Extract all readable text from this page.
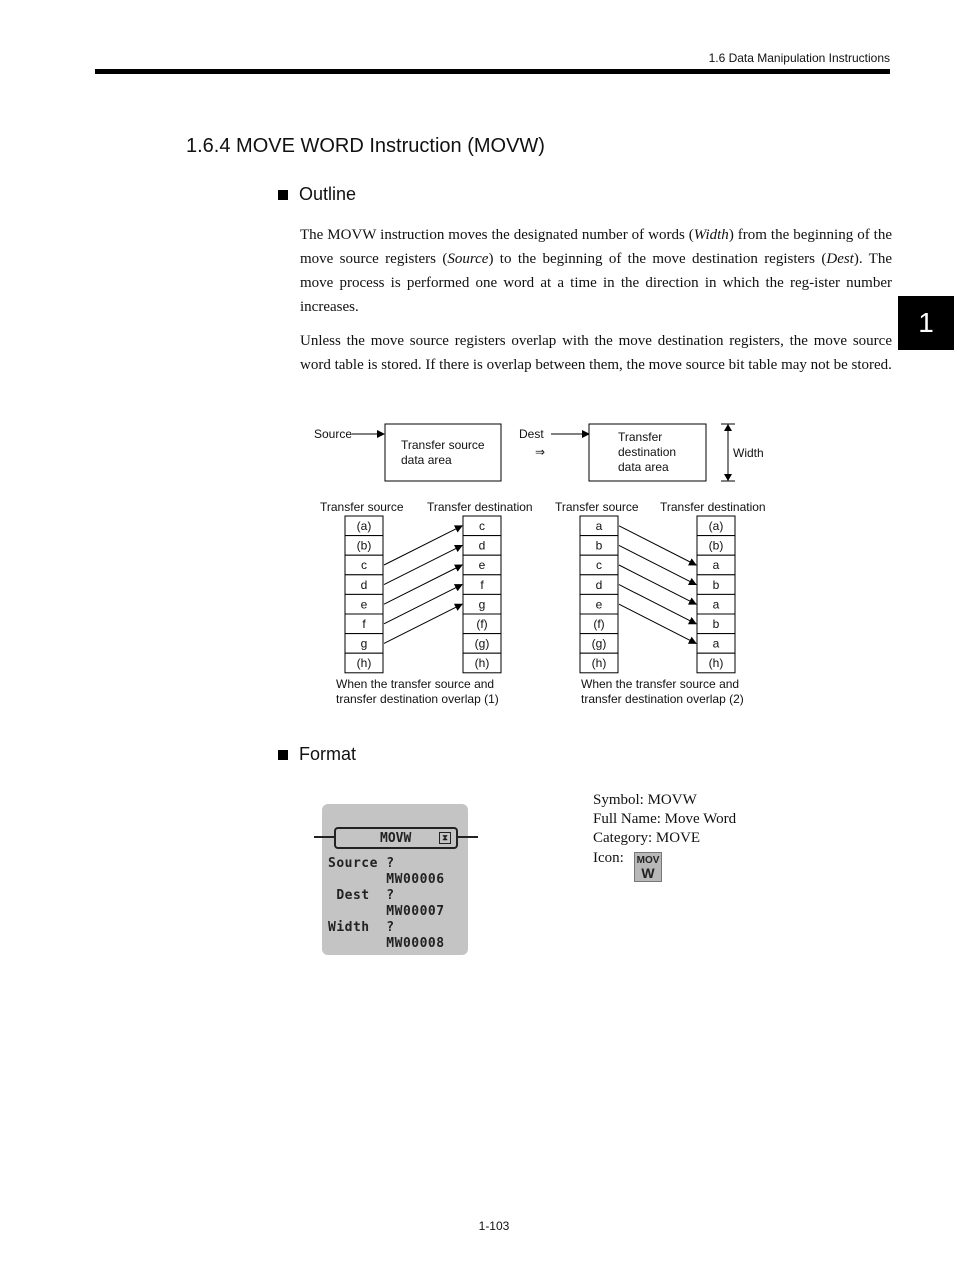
1.6 Data Manipulation Instructions
1
1.6.4 MOVE WORD Instruction (MOVW)
Outline
The MOVW instruction moves the designated number of words (Width) from the beginning of the move source registers (Source) to the beginning of the move destination registers (Dest). The move process is performed one word at a time in the direction in which the reg-ister number increases.
Unless the move source registers overlap with the move destination registers, the move source word table is stored. If there is overlap between them, the move source bit table may not be stored.
Source
Transfer source
data area
Dest
⇒
Transfer
destination
data area
Width
Transfer source Transfer destination Transfer source Transfer destination
(a)
(b)
c
d
e
f
g
(h)
c
d
e
f
g
(f)
(g)
(h)
a
b
c
d
e
(f)
(g)
(h)
(a)
(b)
a
b
a
b
a
(h)
When the transfer source and
transfer destination overlap (1)
When the transfer source and
transfer destination overlap (2)
Format
MOVW	⧗
Source ?
MW00006
Dest  ?
MW00007
Width  ?
MW00008
Symbol: MOVW
Full Name: Move Word
Category: MOVE
Icon: MOV
W
1-103
